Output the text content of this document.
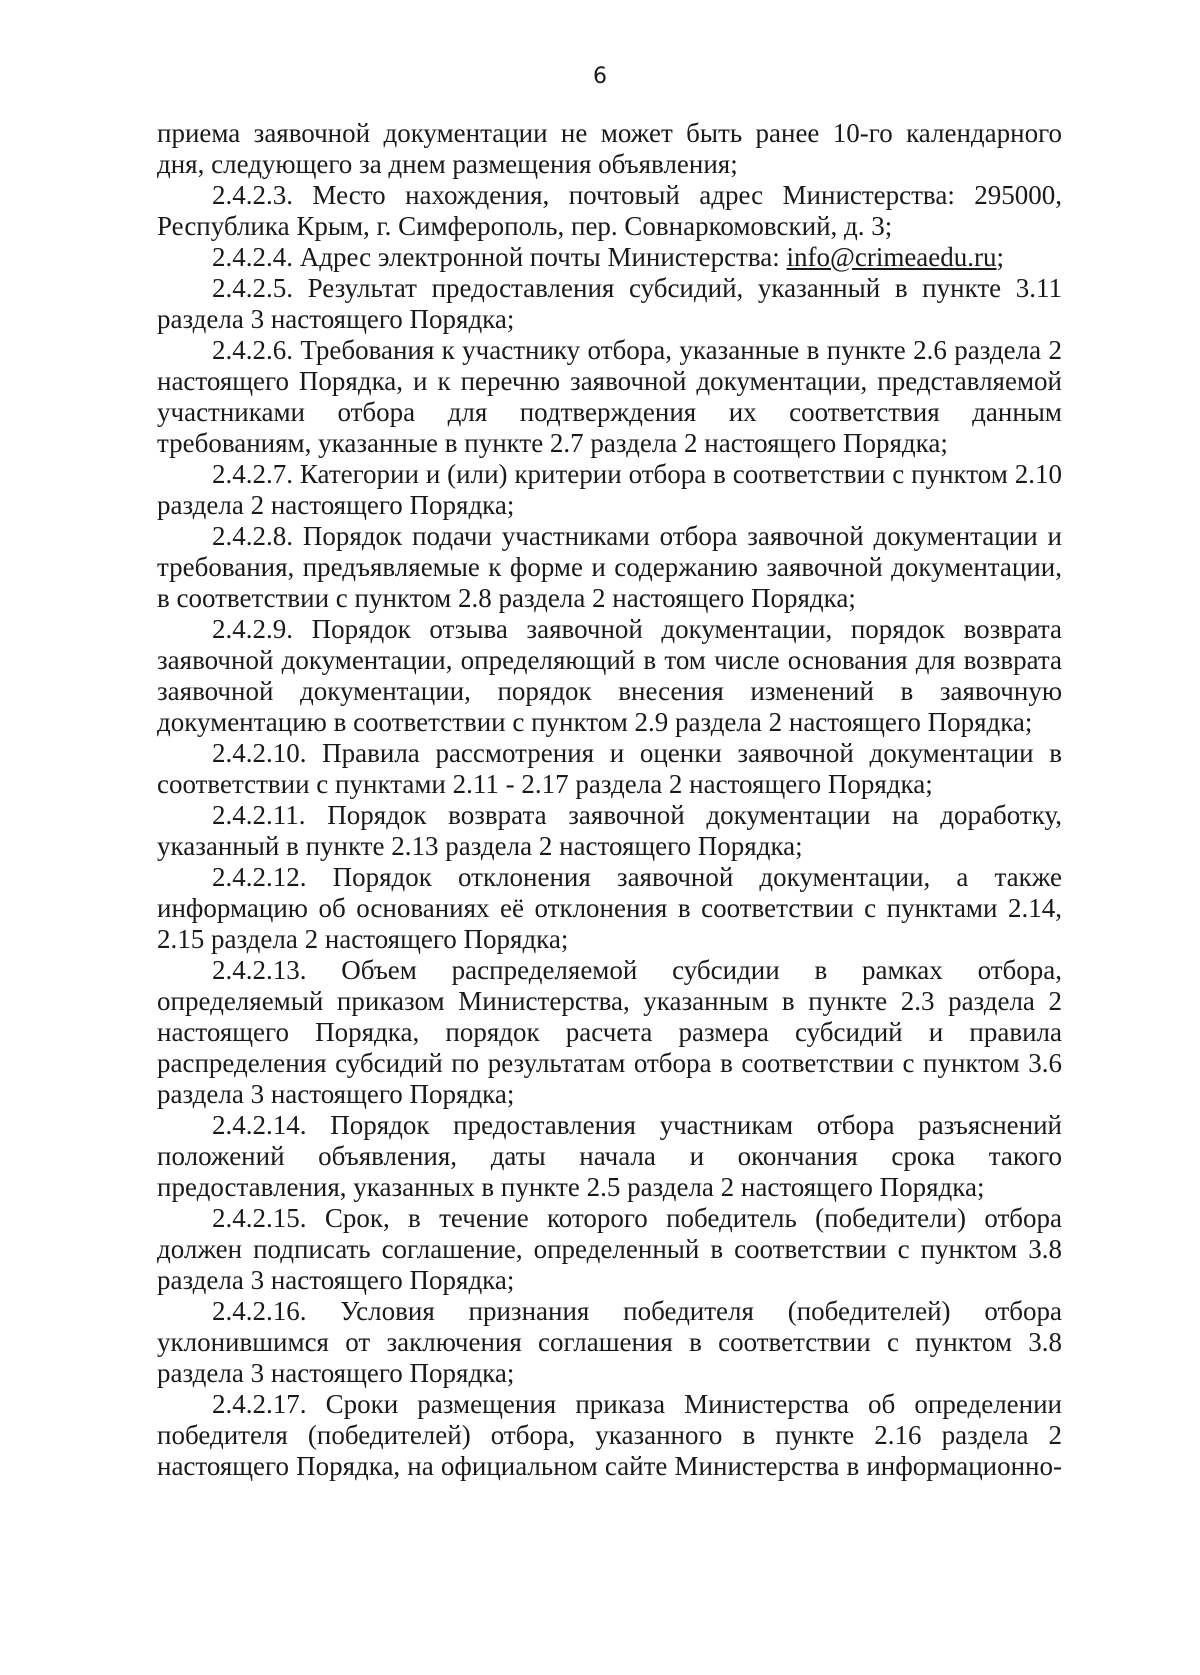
6

приема заявочной документации не может быть ранее 10-го календарного дня, следующего за днем размещения объявления;

2.4.2.3. Место нахождения, почтовый адрес Министерства: 295000, Республика Крым, г. Симферополь, пер. Совнаркомовский, д. 3;

2.4.2.4. Адрес электронной почты Министерства: info@crimeaedu.ru;

2.4.2.5. Результат предоставления субсидий, указанный в пункте 3.11 раздела 3 настоящего Порядка;

2.4.2.6. Требования к участнику отбора, указанные в пункте 2.6 раздела 2 настоящего Порядка, и к перечню заявочной документации, представляемой участниками отбора для подтверждения их соответствия данным требованиям, указанные в пункте 2.7 раздела 2 настоящего Порядка;

2.4.2.7. Категории и (или) критерии отбора в соответствии с пунктом 2.10 раздела 2 настоящего Порядка;

2.4.2.8. Порядок подачи участниками отбора заявочной документации и требования, предъявляемые к форме и содержанию заявочной документации, в соответствии с пунктом 2.8 раздела 2 настоящего Порядка;

2.4.2.9. Порядок отзыва заявочной документации, порядок возврата заявочной документации, определяющий в том числе основания для возврата заявочной документации, порядок внесения изменений в заявочную документацию в соответствии с пунктом 2.9 раздела 2 настоящего Порядка;

2.4.2.10. Правила рассмотрения и оценки заявочной документации в соответствии с пунктами 2.11 - 2.17 раздела 2 настоящего Порядка;

2.4.2.11. Порядок возврата заявочной документации на доработку, указанный в пункте 2.13 раздела 2 настоящего Порядка;

2.4.2.12. Порядок отклонения заявочной документации, а также информацию об основаниях её отклонения в соответствии с пунктами 2.14, 2.15 раздела 2 настоящего Порядка;

2.4.2.13. Объем распределяемой субсидии в рамках отбора, определяемый приказом Министерства, указанным в пункте 2.3 раздела 2 настоящего Порядка, порядок расчета размера субсидий и правила распределения субсидий по результатам отбора в соответствии с пунктом 3.6 раздела 3 настоящего Порядка;

2.4.2.14. Порядок предоставления участникам отбора разъяснений положений объявления, даты начала и окончания срока такого предоставления, указанных в пункте 2.5 раздела 2 настоящего Порядка;

2.4.2.15. Срок, в течение которого победитель (победители) отбора должен подписать соглашение, определенный в соответствии с пунктом 3.8 раздела 3 настоящего Порядка;

2.4.2.16. Условия признания победителя (победителей) отбора уклонившимся от заключения соглашения в соответствии с пунктом 3.8 раздела 3 настоящего Порядка;

2.4.2.17. Сроки размещения приказа Министерства об определении победителя (победителей) отбора, указанного в пункте 2.16 раздела 2 настоящего Порядка, на официальном сайте Министерства в информационно-
